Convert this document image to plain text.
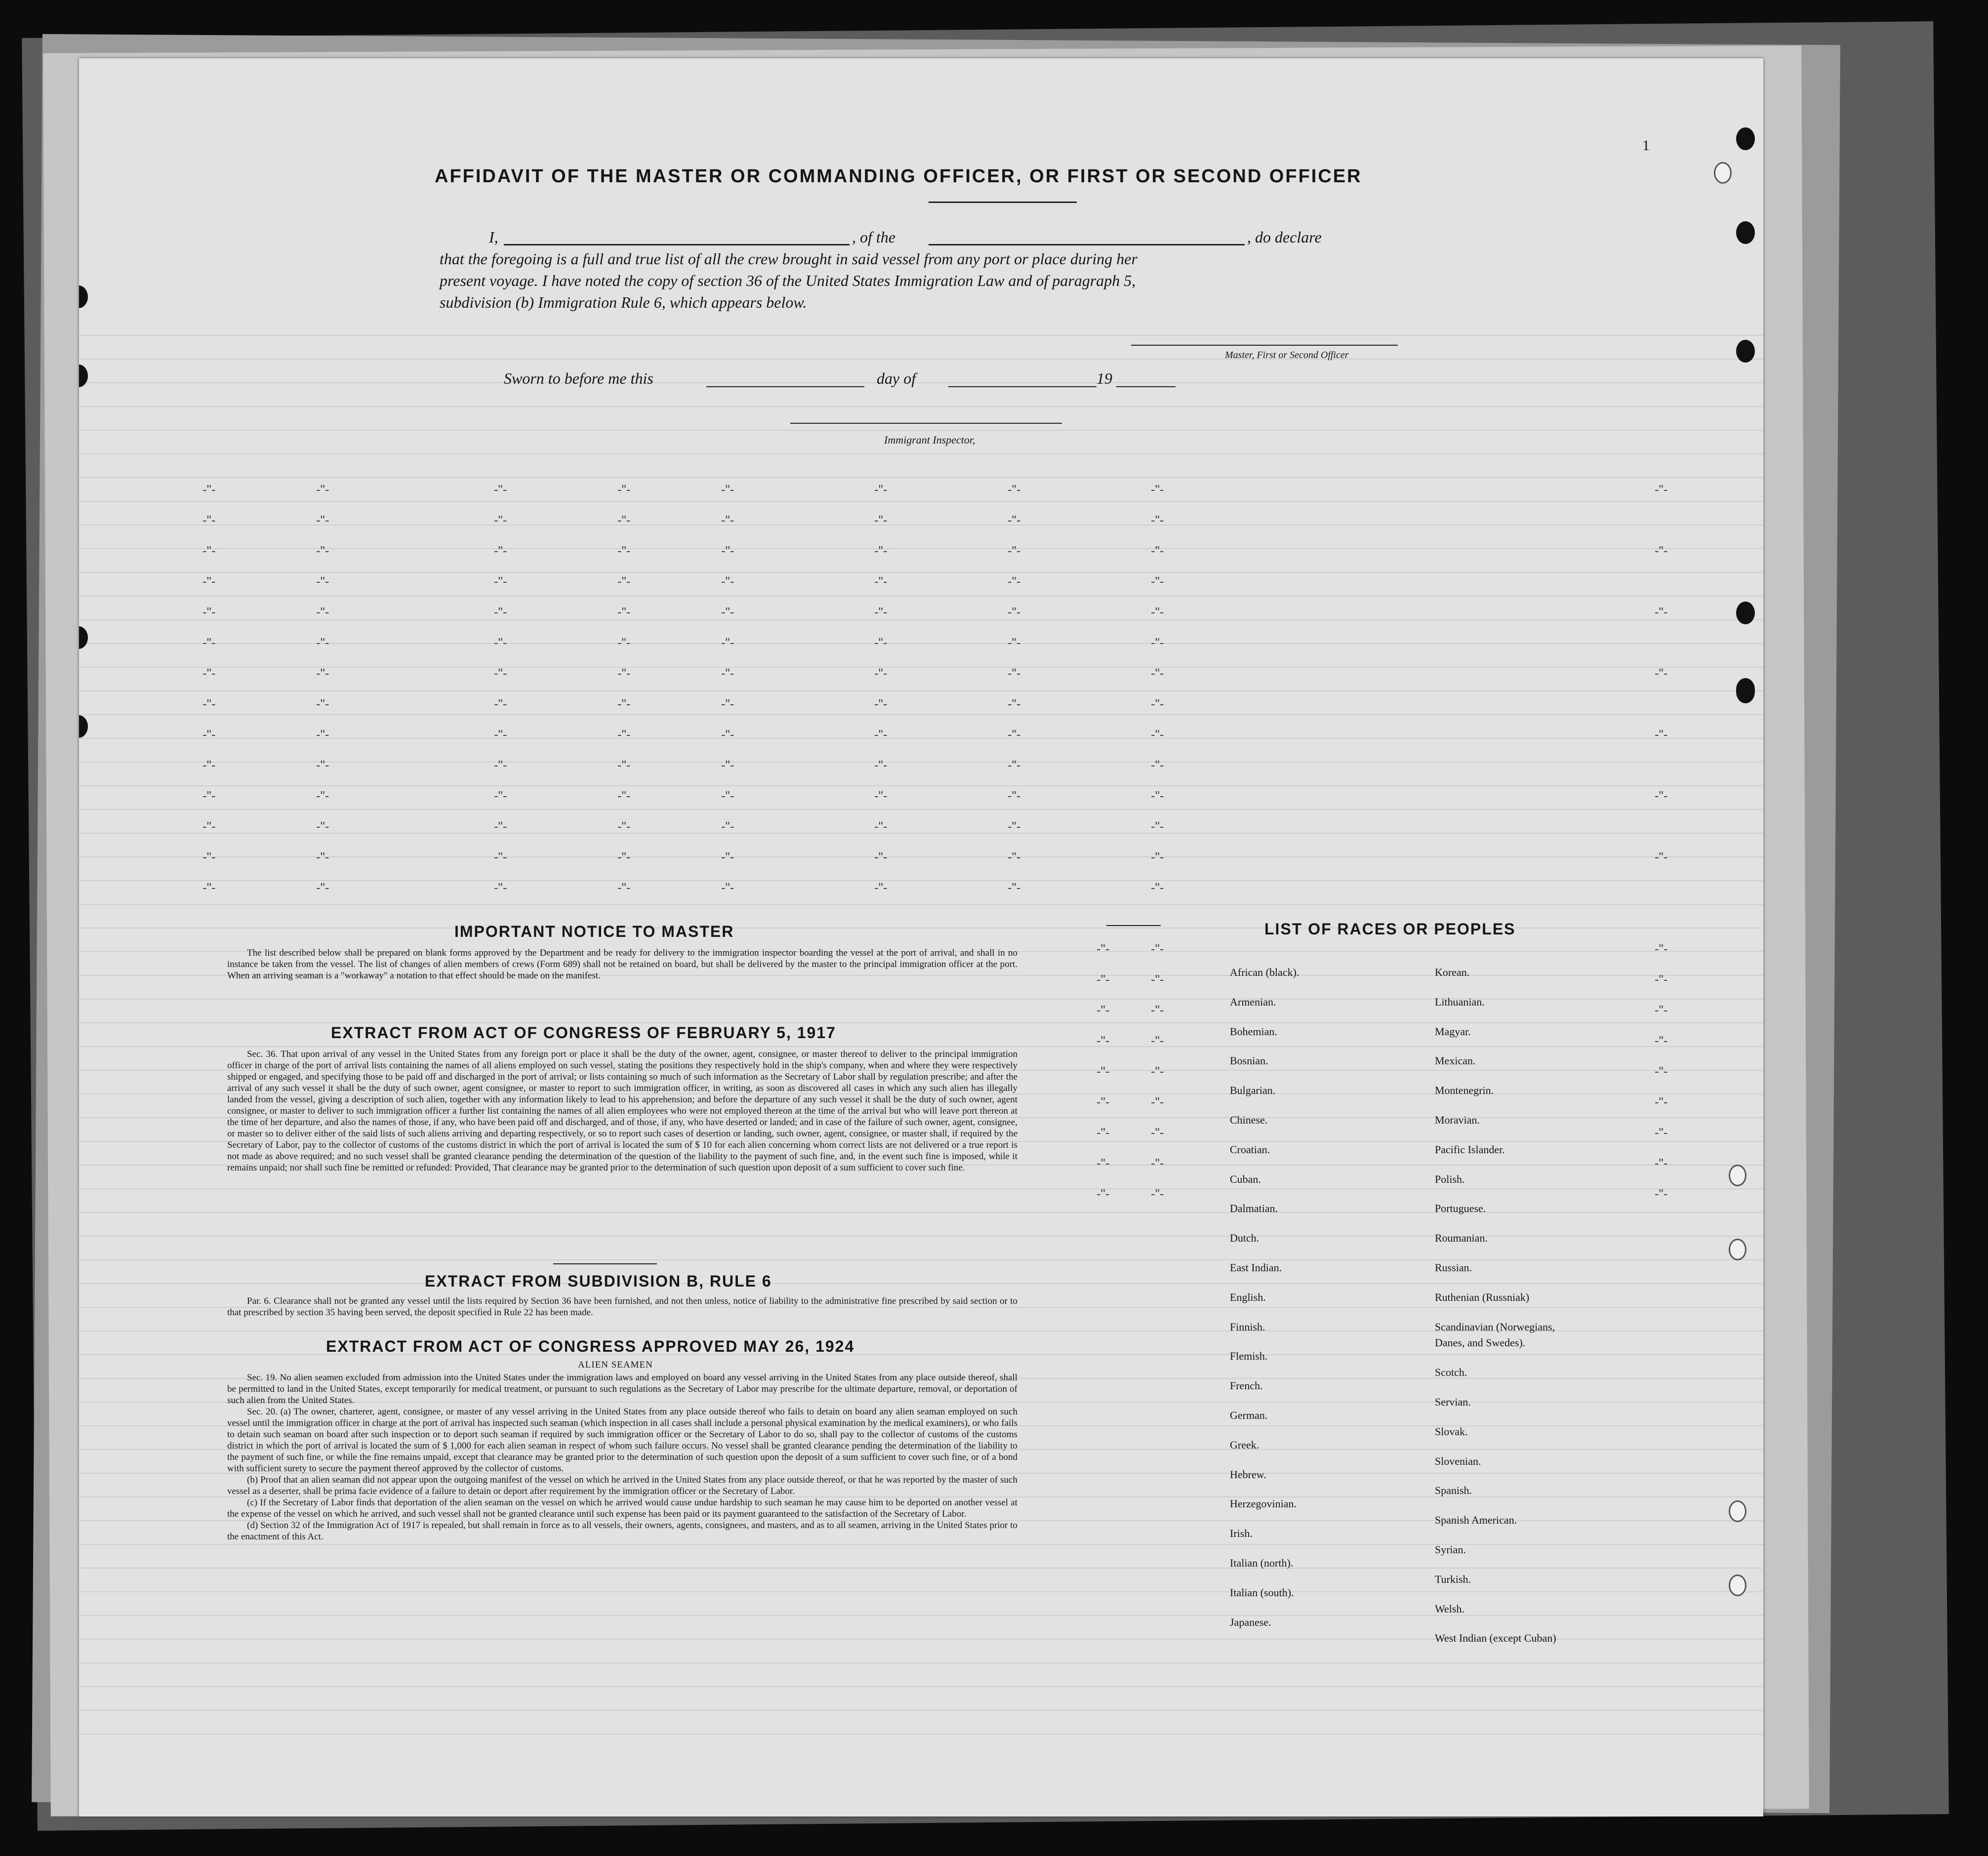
1
AFFIDAVIT OF THE MASTER OR COMMANDING OFFICER, OR FIRST OR SECOND OFFICER
I,	, of the	, do declare
that the foregoing is a full and true list of all the crew brought in said vessel from any port or place during her
present voyage. I have noted the copy of section 36 of the United States Immigration Law and of paragraph 5,
subdivision (b) Immigration Rule 6, which appears below.
Master, First or Second Officer
Sworn to before me this	day of	19
Immigrant Inspector,
-"-	-"-	-"-	-"-	-"-	-"-	-"-	-"-	-"-
-"-	-"-	-"-	-"-	-"-	-"-	-"-	-"-
-"-	-"-	-"-	-"-	-"-	-"-	-"-	-"-	-"-
-"-	-"-	-"-	-"-	-"-	-"-	-"-	-"-
-"-	-"-	-"-	-"-	-"-	-"-	-"-	-"-	-"-
-"-	-"-	-"-	-"-	-"-	-"-	-"-	-"-
-"-	-"-	-"-	-"-	-"-	-"-	-"-	-"-	-"-
-"-	-"-	-"-	-"-	-"-	-"-	-"-	-"-
-"-	-"-	-"-	-"-	-"-	-"-	-"-	-"-	-"-
-"-	-"-	-"-	-"-	-"-	-"-	-"-	-"-
-"-	-"-	-"-	-"-	-"-	-"-	-"-	-"-	-"-
-"-	-"-	-"-	-"-	-"-	-"-	-"-	-"-
-"-	-"-	-"-	-"-	-"-	-"-	-"-	-"-	-"-
-"-	-"-	-"-	-"-	-"-	-"-	-"-	-"-
-"-	-"-	-"-
-"-	-"-	-"-
-"-	-"-	-"-
-"-	-"-	-"-
-"-	-"-	-"-
-"-	-"-	-"-
-"-	-"-	-"-
-"-	-"-	-"-
-"-	-"-	-"-
IMPORTANT NOTICE TO MASTER
The list described below shall be prepared on blank forms approved by the Department and be ready for delivery to the immigration inspector boarding the vessel at the port of arrival, and shall in no instance be taken from the vessel. The list of changes of alien members of crews (Form 689) shall not be retained on board, but shall be delivered by the master to the principal immigration officer at the port. When an arriving seaman is a "workaway" a notation to that effect should be made on the manifest.
EXTRACT FROM ACT OF CONGRESS OF FEBRUARY 5, 1917
Sec. 36. That upon arrival of any vessel in the United States from any foreign port or place it shall be the duty of the owner, agent, consignee, or master thereof to deliver to the principal immigration officer in charge of the port of arrival lists containing the names of all aliens employed on such vessel, stating the positions they respectively hold in the ship's company, when and where they were respectively shipped or engaged, and specifying those to be paid off and discharged in the port of arrival; or lists containing so much of such information as the Secretary of Labor shall by regulation prescribe; and after the arrival of any such vessel it shall be the duty of such owner, agent consignee, or master to report to such immigration officer, in writing, as soon as discovered all cases in which any such alien has illegally landed from the vessel, giving a description of such alien, together with any information likely to lead to his apprehension; and before the departure of any such vessel it shall be the duty of such owner, agent consignee, or master to deliver to such immigration officer a further list containing the names of all alien employees who were not employed thereon at the time of the arrival but who will leave port thereon at the time of her departure, and also the names of those, if any, who have been paid off and discharged, and of those, if any, who have deserted or landed; and in case of the failure of such owner, agent, consignee, or master so to deliver either of the said lists of such aliens arriving and departing respectively, or so to report such cases of desertion or landing, such owner, agent, consignee, or master shall, if required by the Secretary of Labor, pay to the collector of customs of the customs district in which the port of arrival is located the sum of $ 10 for each alien concerning whom correct lists are not delivered or a true report is not made as above required; and no such vessel shall be granted clearance pending the determination of the question of the liability to the payment of such fine, and, in the event such fine is imposed, while it remains unpaid; nor shall such fine be remitted or refunded: Provided, That clearance may be granted prior to the determination of such question upon deposit of a sum sufficient to cover such fine.
EXTRACT FROM SUBDIVISION B, RULE 6
Par. 6. Clearance shall not be granted any vessel until the lists required by Section 36 have been furnished, and not then unless, notice of liability to the administrative fine prescribed by said section or to that prescribed by section 35 having been served, the deposit specified in Rule 22 has been made.
EXTRACT FROM ACT OF CONGRESS APPROVED MAY 26, 1924
ALIEN SEAMEN
Sec. 19. No alien seamen excluded from admission into the United States under the immigration laws and employed on board any vessel arriving in the United States from any place outside thereof, shall be permitted to land in the United States, except temporarily for medical treatment, or pursuant to such regulations as the Secretary of Labor may prescribe for the ultimate departure, removal, or deportation of such alien from the United States.
Sec. 20. (a) The owner, charterer, agent, consignee, or master of any vessel arriving in the United States from any place outside thereof who fails to detain on board any alien seaman employed on such vessel until the immigration officer in charge at the port of arrival has inspected such seaman (which inspection in all cases shall include a personal physical examination by the medical examiners), or who fails to detain such seaman on board after such inspection or to deport such seaman if required by such immigration officer or the Secretary of Labor to do so, shall pay to the collector of customs of the customs district in which the port of arrival is located the sum of $ 1,000 for each alien seaman in respect of whom such failure occurs. No vessel shall be granted clearance pending the determination of the liability to the payment of such fine, or while the fine remains unpaid, except that clearance may be granted prior to the determination of such question upon the deposit of a sum sufficient to cover such fine, or of a bond with sufficient surety to secure the payment thereof approved by the collector of customs.
(b) Proof that an alien seaman did not appear upon the outgoing manifest of the vessel on which he arrived in the United States from any place outside thereof, or that he was reported by the master of such vessel as a deserter, shall be prima facie evidence of a failure to detain or deport after requirement by the immigration officer or the Secretary of Labor.
(c) If the Secretary of Labor finds that deportation of the alien seaman on the vessel on which he arrived would cause undue hardship to such seaman he may cause him to be deported on another vessel at the expense of the vessel on which he arrived, and such vessel shall not be granted clearance until such expense has been paid or its payment guaranteed to the satisfaction of the Secretary of Labor.
(d) Section 32 of the Immigration Act of 1917 is repealed, but shall remain in force as to all vessels, their owners, agents, consignees, and masters, and as to all seamen, arriving in the United States prior to the enactment of this Act.
LIST OF RACES OR PEOPLES
African (black).
Armenian.
Bohemian.
Bosnian.
Bulgarian.
Chinese.
Croatian.
Cuban.
Dalmatian.
Dutch.
East Indian.
English.
Finnish.
Flemish.
French.
German.
Greek.
Hebrew.
Herzegovinian.
Irish.
Italian (north).
Italian (south).
Japanese.
Korean.
Lithuanian.
Magyar.
Mexican.
Montenegrin.
Moravian.
Pacific Islander.
Polish.
Portuguese.
Roumanian.
Russian.
Ruthenian (Russniak)
Scandinavian (Norwegians,
Danes, and Swedes).
Scotch.
Servian.
Slovak.
Slovenian.
Spanish.
Spanish American.
Syrian.
Turkish.
Welsh.
West Indian (except Cuban)
